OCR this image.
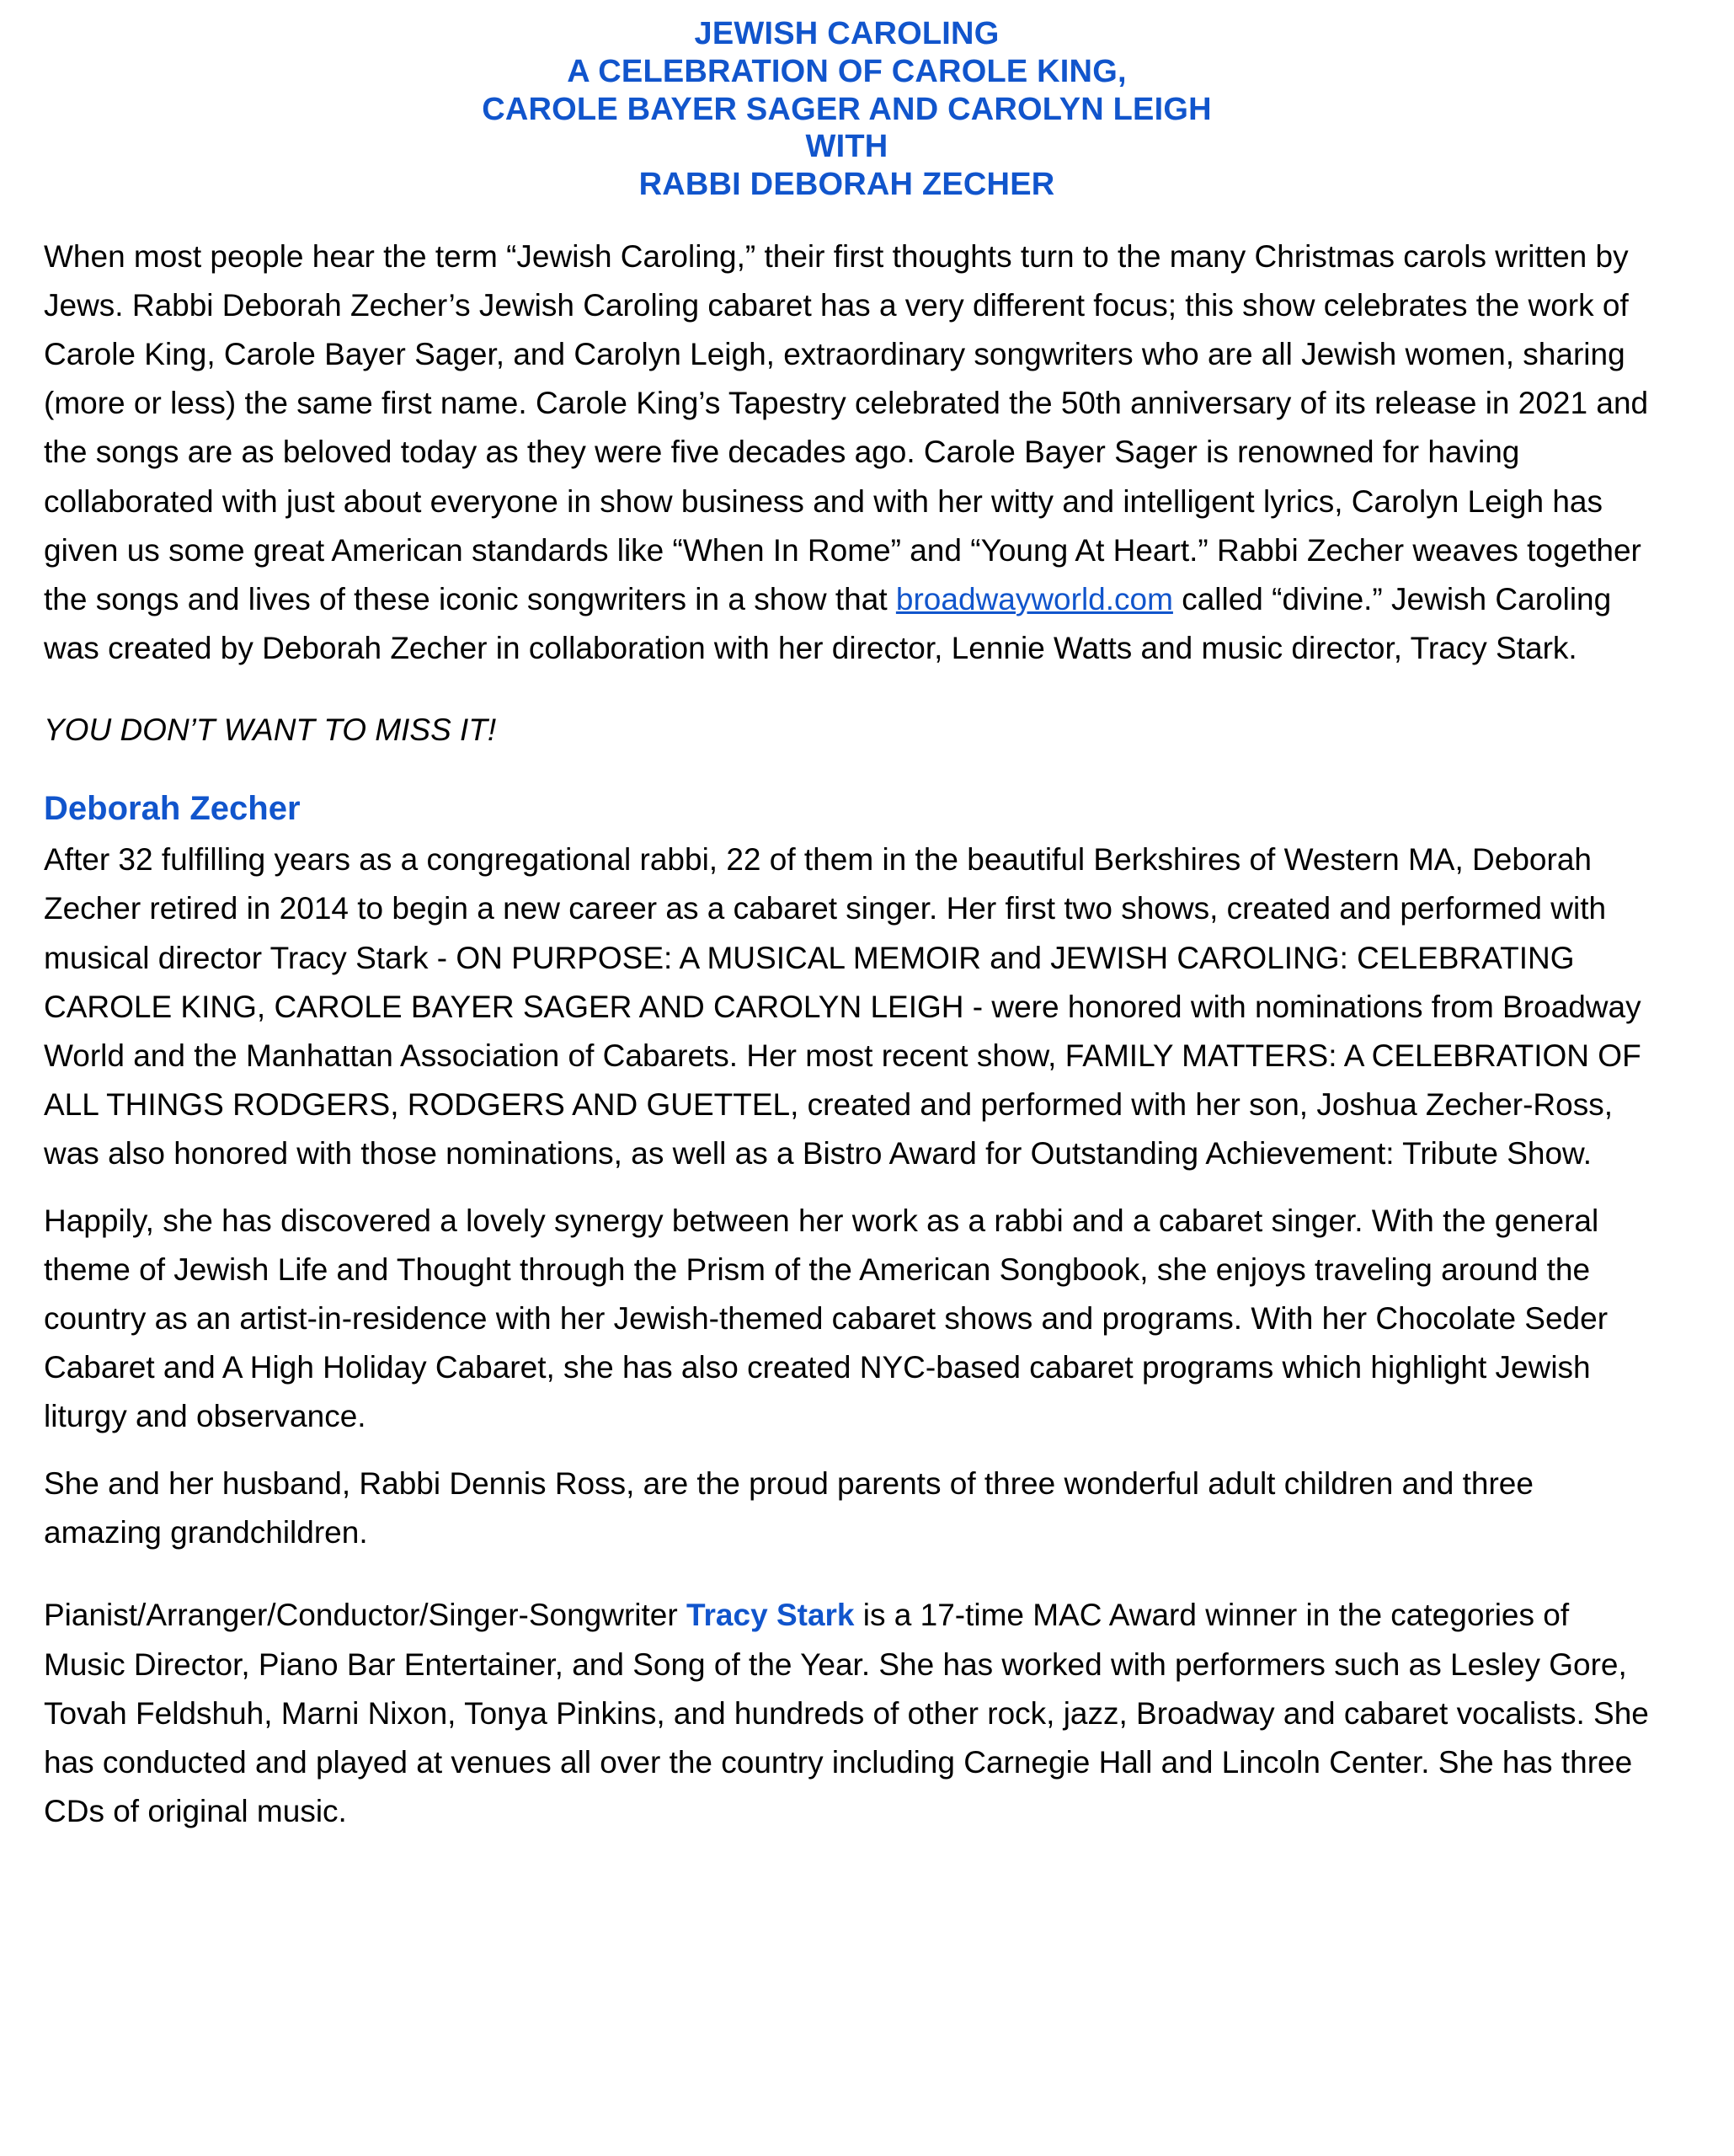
JEWISH CAROLING
A CELEBRATION OF CAROLE KING,
CAROLE BAYER SAGER AND CAROLYN LEIGH
WITH
RABBI DEBORAH ZECHER

When most people hear the term “Jewish Caroling,” their first thoughts turn to the many Christmas carols written by Jews. Rabbi Deborah Zecher’s Jewish Caroling cabaret has a very different focus; this show celebrates the work of Carole King, Carole Bayer Sager, and Carolyn Leigh, extraordinary songwriters who are all Jewish women, sharing (more or less) the same first name. Carole King’s Tapestry celebrated the 50th anniversary of its release in 2021 and the songs are as beloved today as they were five decades ago. Carole Bayer Sager is renowned for having collaborated with just about everyone in show business and with her witty and intelligent lyrics, Carolyn Leigh has given us some great American standards like “When In Rome” and “Young At Heart.” Rabbi Zecher weaves together the songs and lives of these iconic songwriters in a show that broadwayworld.com called “divine.” Jewish Caroling was created by Deborah Zecher in collaboration with her director, Lennie Watts and music director, Tracy Stark.

YOU DON’T WANT TO MISS IT!

Deborah Zecher

After 32 fulfilling years as a congregational rabbi, 22 of them in the beautiful Berkshires of Western MA, Deborah Zecher retired in 2014 to begin a new career as a cabaret singer. Her first two shows, created and performed with musical director Tracy Stark - ON PURPOSE: A MUSICAL MEMOIR and JEWISH CAROLING: CELEBRATING CAROLE KING, CAROLE BAYER SAGER AND CAROLYN LEIGH - were honored with nominations from Broadway World and the Manhattan Association of Cabarets. Her most recent show, FAMILY MATTERS: A CELEBRATION OF ALL THINGS RODGERS, RODGERS AND GUETTEL, created and performed with her son, Joshua Zecher-Ross, was also honored with those nominations, as well as a Bistro Award for Outstanding Achievement: Tribute Show.

Happily, she has discovered a lovely synergy between her work as a rabbi and a cabaret singer. With the general theme of Jewish Life and Thought through the Prism of the American Songbook, she enjoys traveling around the country as an artist-in-residence with her Jewish-themed cabaret shows and programs. With her Chocolate Seder Cabaret and A High Holiday Cabaret, she has also created NYC-based cabaret programs which highlight Jewish liturgy and observance.

She and her husband, Rabbi Dennis Ross, are the proud parents of three wonderful adult children and three amazing grandchildren.

Pianist/Arranger/Conductor/Singer-Songwriter Tracy Stark is a 17-time MAC Award winner in the categories of Music Director, Piano Bar Entertainer, and Song of the Year. She has worked with performers such as Lesley Gore, Tovah Feldshuh, Marni Nixon, Tonya Pinkins, and hundreds of other rock, jazz, Broadway and cabaret vocalists. She has conducted and played at venues all over the country including Carnegie Hall and Lincoln Center. She has three CDs of original music.
